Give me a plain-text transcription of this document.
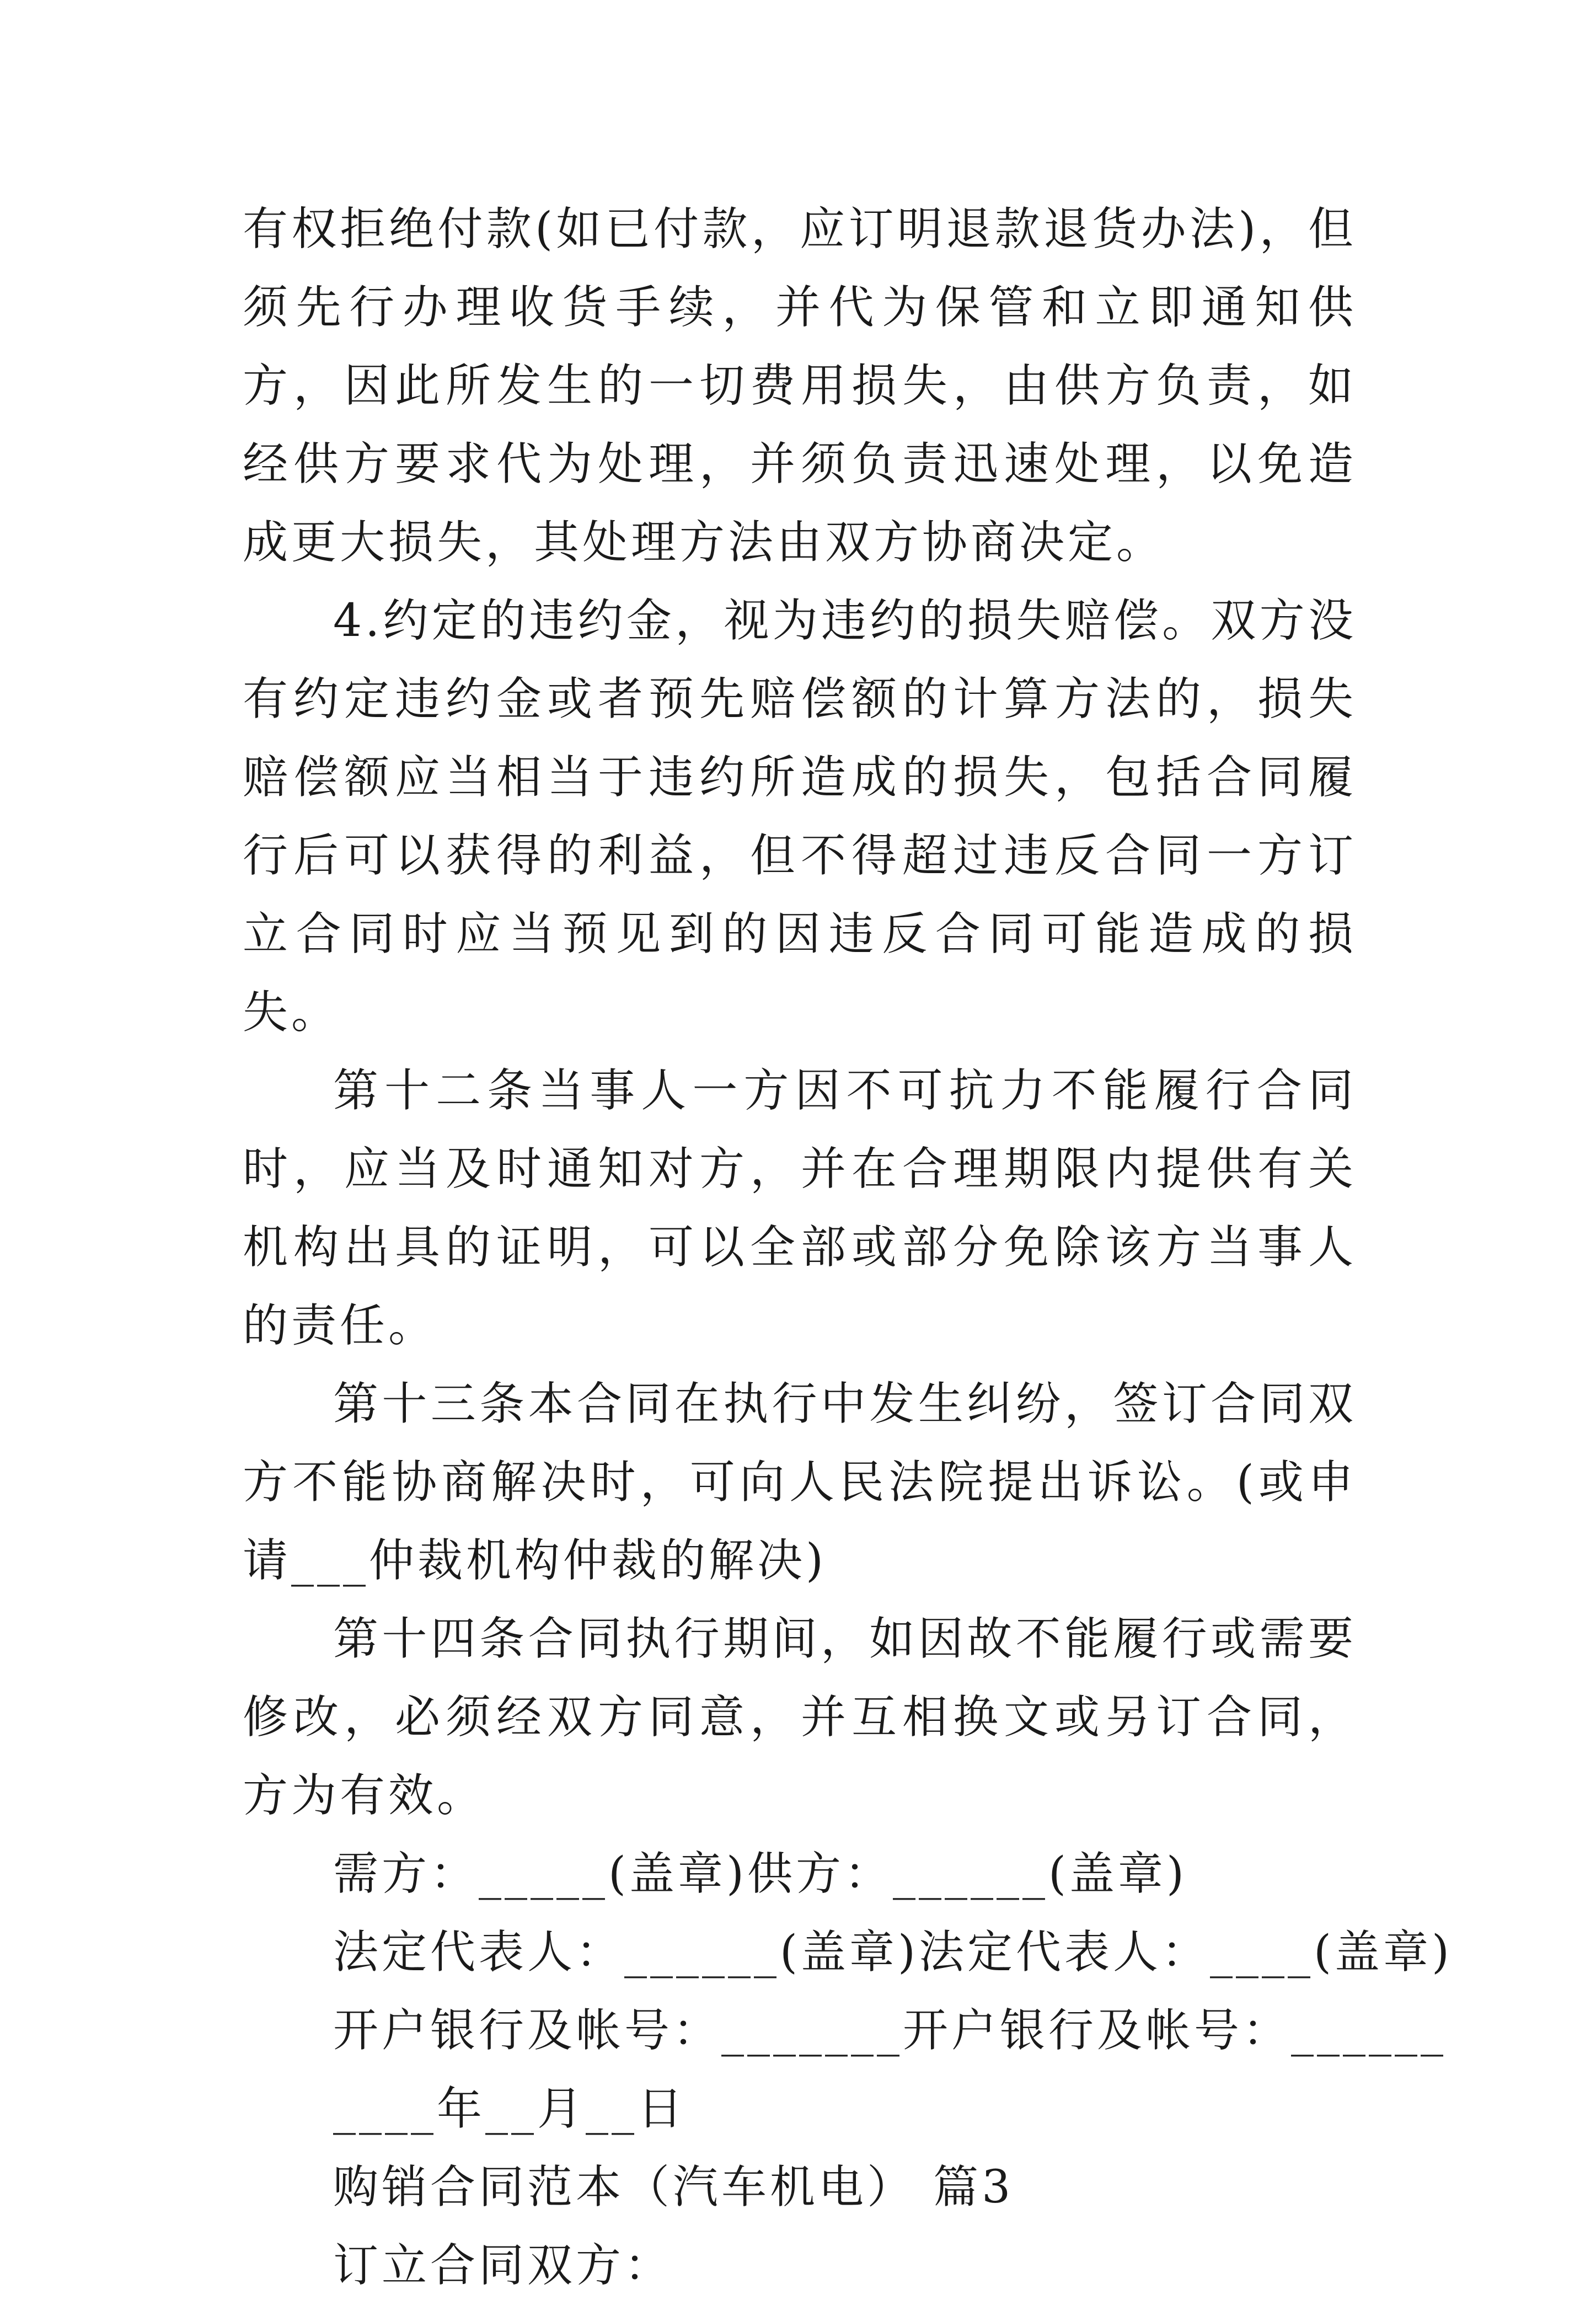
有权拒绝付款(如已付款，应订明退款退货办法)，但须先行办理收货手续，并代为保管和立即通知供方，因此所发生的一切费用损失，由供方负责，如经供方要求代为处理，并须负责迅速处理，以免造成更大损失，其处理方法由双方协商决定。

4.约定的违约金，视为违约的损失赔偿。双方没有约定违约金或者预先赔偿额的计算方法的，损失赔偿额应当相当于违约所造成的损失，包括合同履行后可以获得的利益，但不得超过违反合同一方订立合同时应当预见到的因违反合同可能造成的损失。

第十二条当事人一方因不可抗力不能履行合同时，应当及时通知对方，并在合理期限内提供有关机构出具的证明，可以全部或部分免除该方当事人的责任。

第十三条本合同在执行中发生纠纷，签订合同双方不能协商解决时，可向人民法院提出诉讼。(或申请___仲裁机构仲裁的解决)

第十四条合同执行期间，如因故不能履行或需要修改，必须经双方同意，并互相换文或另订合同，方为有效。

需方：_____(盖章)供方：______(盖章)

法定代表人：______(盖章)法定代表人：____(盖章)

开户银行及帐号：_______开户银行及帐号：______

____年__月__日

购销合同范本（汽车机电） 篇3

订立合同双方：
